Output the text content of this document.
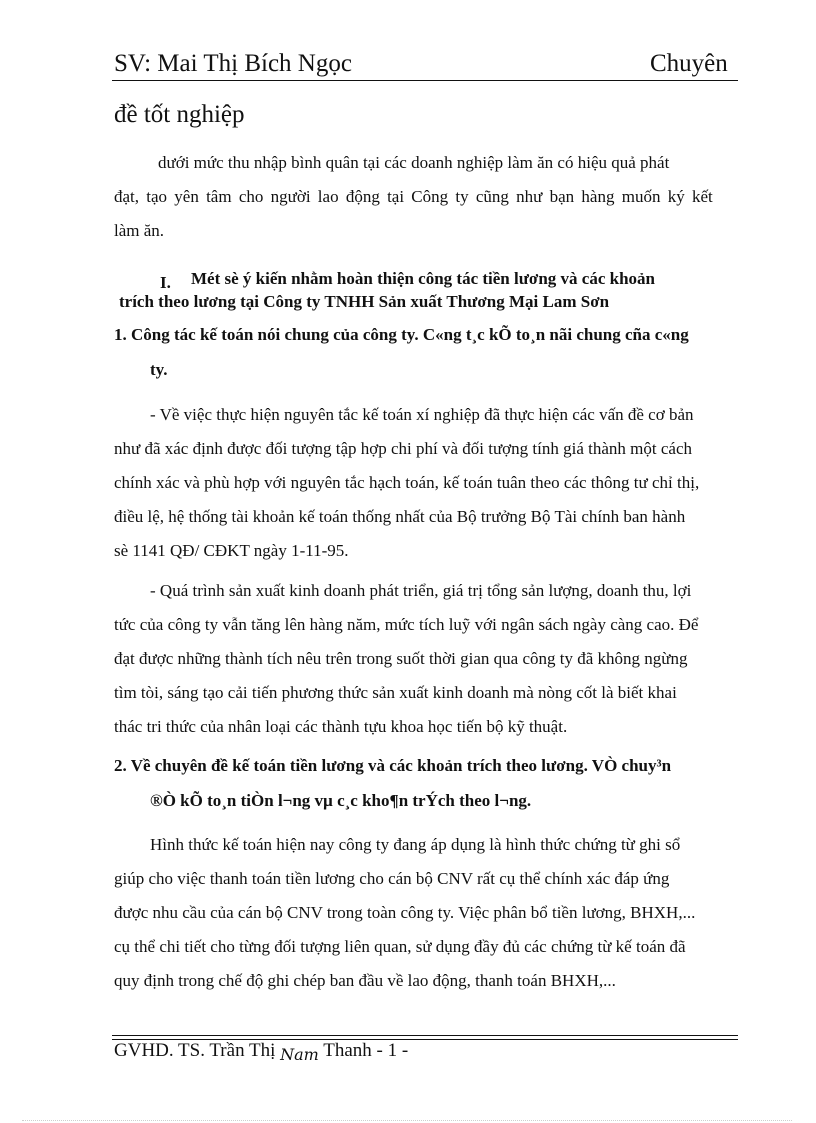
SV: Mai Thị Bích Ngọc	Chuyên
đề tốt nghiệp

dưới mức thu nhập bình quân tại các doanh nghiệp làm ăn có hiệu quả phát

đạt, tạo yên tâm cho người lao động tại Công ty cũng như bạn hàng muốn ký kết

làm ăn.

I. Mét sè ý kiến nhằm hoàn thiện công tác tiền lương và các khoản
trích theo lương tại Công ty TNHH Sản xuất Thương Mại Lam Sơn
1. Công tác kế toán nói chung của công ty. C«ng t¸c kÕ to¸n nãi chung cña c«ng
ty.

- Về việc thực hiện nguyên tắc kế toán xí nghiệp đã thực hiện các vấn đề cơ bản

như đã xác định được đối tượng tập hợp chi phí và đối tượng tính giá thành một cách

chính xác và phù hợp với nguyên tắc hạch toán, kế toán tuân theo các thông tư chỉ thị,

điều lệ, hệ thống tài khoản kế toán thống nhất của Bộ trưởng Bộ Tài chính ban hành

sè 1141 QĐ/ CĐKT ngày 1-11-95.

- Quá trình sản xuất kinh doanh phát triển, giá trị tổng sản lượng, doanh thu, lợi

tức của công ty vẫn tăng lên hàng năm, mức tích luỹ với ngân sách ngày càng cao. Để

đạt được những thành tích nêu trên trong suốt thời gian qua công ty đã không ngừng

tìm tòi, sáng tạo cải tiến phương thức sản xuất kinh doanh mà nòng cốt là biết khai

thác tri thức của nhân loại các thành tựu khoa học tiến bộ kỹ thuật.

2. Về chuyên đề kế toán tiền lương và các khoản trích theo lương. VÒ chuy³n
®Ò kÕ to¸n tiÒn l¬ng vµ c¸c kho¶n trÝch theo l¬ng.

Hình thức kế toán hiện nay công ty đang áp dụng là hình thức chứng từ ghi sổ

giúp cho việc thanh toán tiền lương cho cán bộ CNV rất cụ thể chính xác đáp ứng

được nhu cầu của cán bộ CNV trong toàn công ty. Việc phân bổ tiền lương, BHXH,...

cụ thể chi tiết cho từng đối tượng liên quan, sử dụng đầy đủ các chứng từ kế toán đã

quy định trong chế độ ghi chép ban đầu về lao động, thanh toán BHXH,...

GVHD. TS. Trần Thị $_{Nam}$ Thanh - 1 -
